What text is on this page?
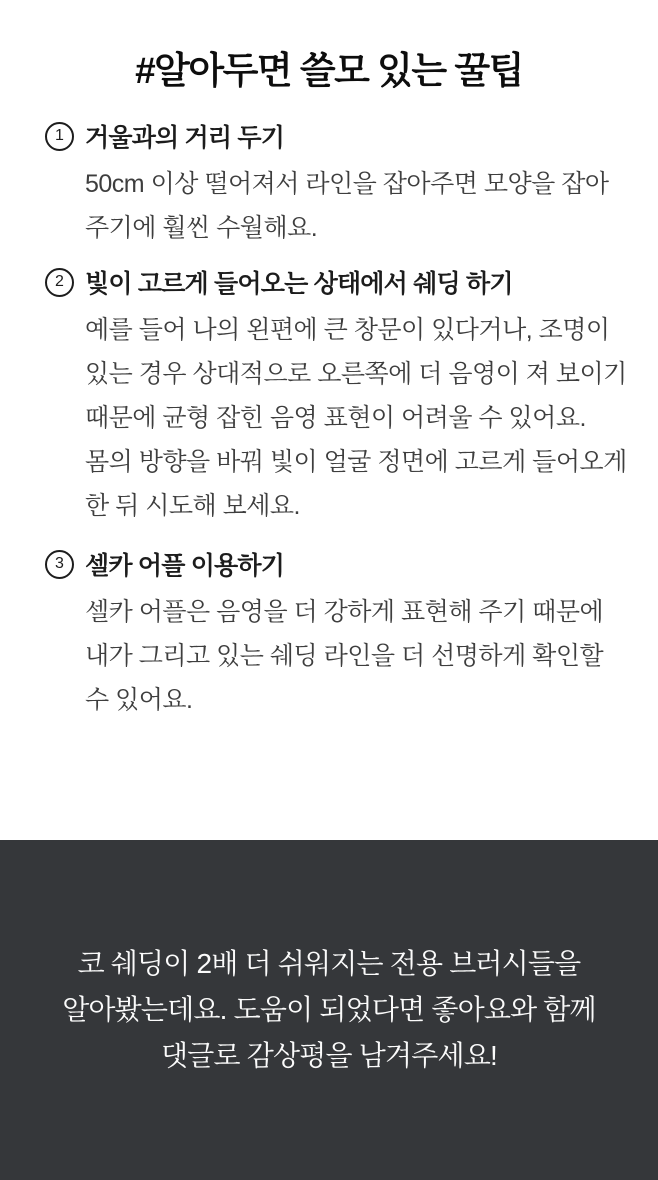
#알아두면 쓸모 있는 꿀팁
1 거울과의 거리 두기
50cm 이상 떨어져서 라인을 잡아주면 모양을 잡아
주기에 훨씬 수월해요.
2 빛이 고르게 들어오는 상태에서 쉐딩 하기
예를 들어 나의 왼편에 큰 창문이 있다거나, 조명이
있는 경우 상대적으로 오른쪽에 더 음영이 져 보이기
때문에 균형 잡힌 음영 표현이 어려울 수 있어요.
몸의 방향을 바꿔 빛이 얼굴 정면에 고르게 들어오게
한 뒤 시도해 보세요.
3 셀카 어플 이용하기
셀카 어플은 음영을 더 강하게 표현해 주기 때문에
내가 그리고 있는 쉐딩 라인을 더 선명하게 확인할
수 있어요.
코 쉐딩이 2배 더 쉬워지는 전용 브러시들을
알아봤는데요. 도움이 되었다면 좋아요와 함께
댓글로 감상평을 남겨주세요!
